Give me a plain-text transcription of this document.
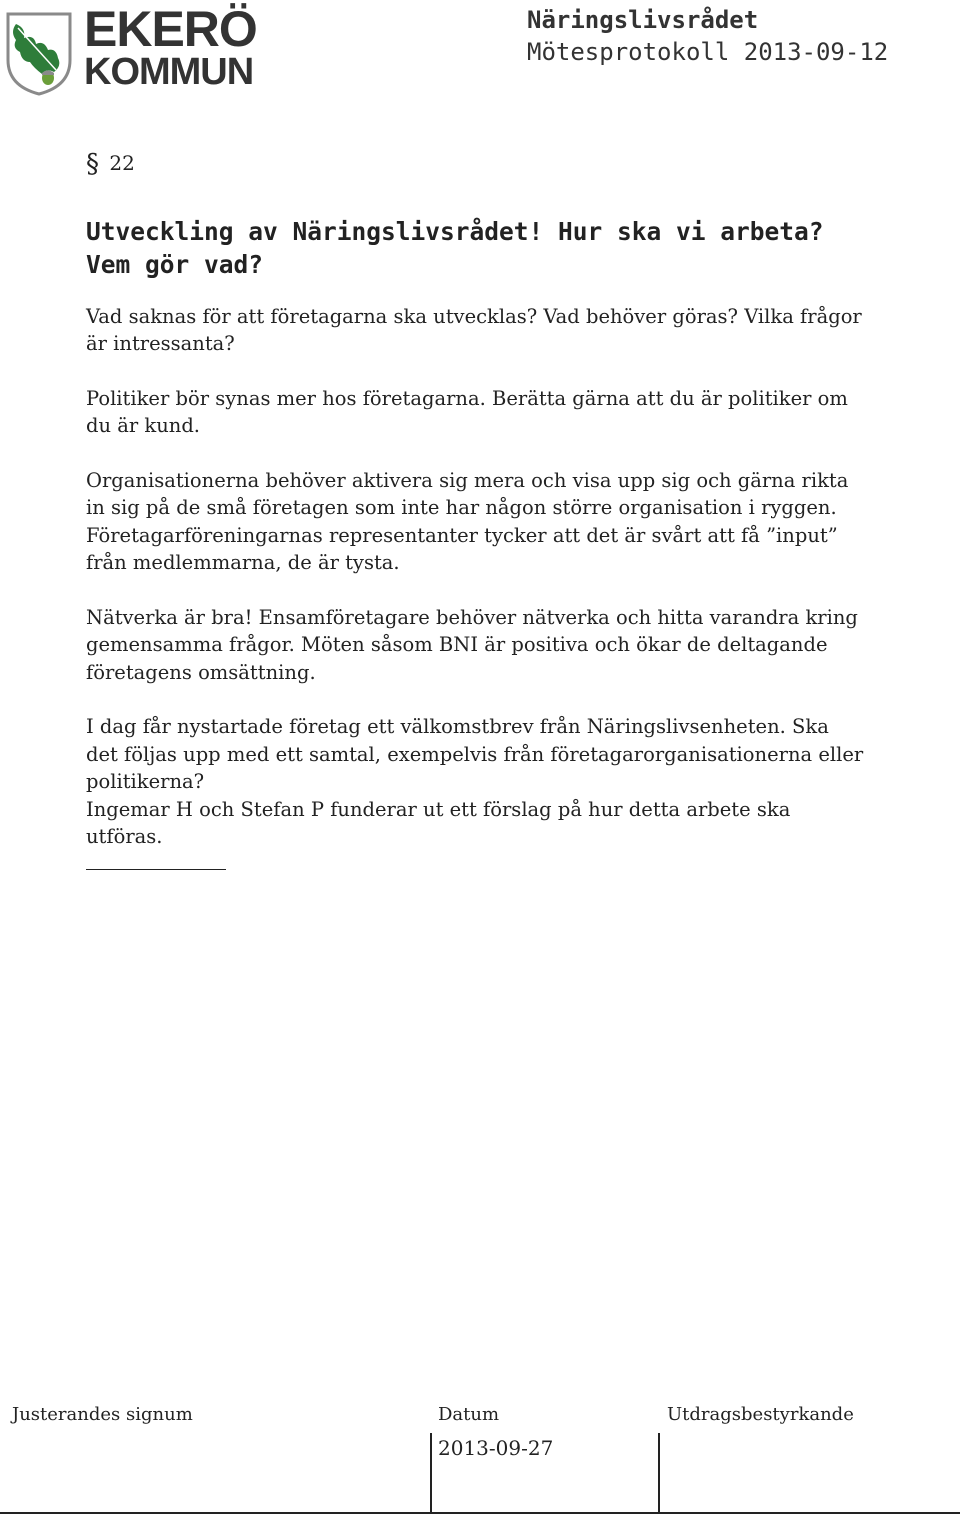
EKERÖ
KOMMUN
Näringslivsrådet
Mötesprotokoll 2013-09-12
§ 22
Utveckling av Näringslivsrådet! Hur ska vi arbeta? Vem gör vad?

Vad saknas för att företagarna ska utvecklas? Vad behöver göras? Vilka frågor är intressanta?

Politiker bör synas mer hos företagarna. Berätta gärna att du är politiker om du är kund.

Organisationerna behöver aktivera sig mera och visa upp sig och gärna rikta in sig på de små företagen som inte har någon större organisation i ryggen. Företagarföreningarnas representanter tycker att det är svårt att få ”input” från medlemmarna, de är tysta.

Nätverka är bra! Ensamföretagare behöver nätverka och hitta varandra kring gemensamma frågor. Möten såsom BNI är positiva och ökar de deltagande företagens omsättning.

I dag får nystartade företag ett välkomstbrev från Näringslivsenheten. Ska det följas upp med ett samtal, exempelvis från företagarorganisationerna eller politikerna?

Ingemar H och Stefan P funderar ut ett förslag på hur detta arbete ska utföras.

Justerandes signum	Datum	Utdragsbestyrkande
2013-09-27
